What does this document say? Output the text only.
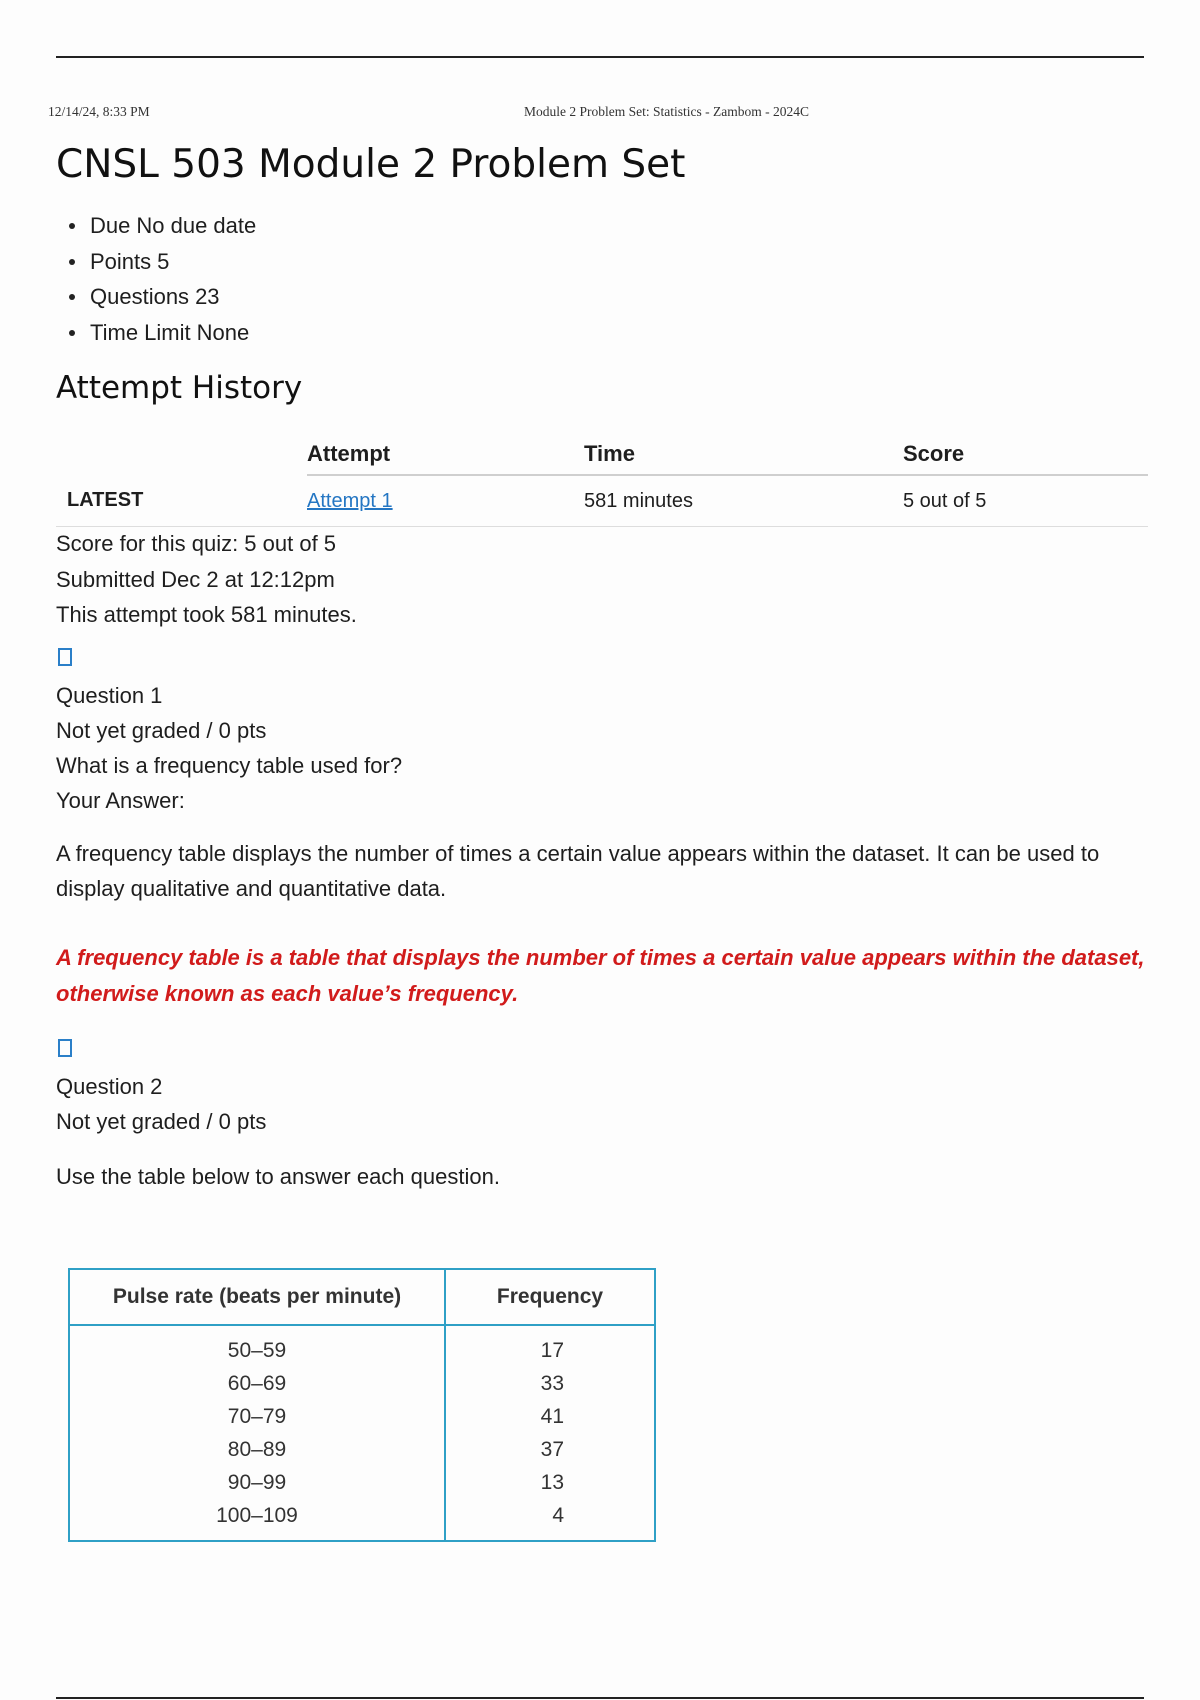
12/14/24, 8:33 PM	Module 2 Problem Set: Statistics - Zambom - 2024C
CNSL 503 Module 2 Problem Set
Due No due date
Points 5
Questions 23
Time Limit None
Attempt History
	Attempt	Time	Score
LATEST	Attempt 1	581 minutes	5 out of 5
Score for this quiz: 5 out of 5
Submitted Dec 2 at 12:12pm
This attempt took 581 minutes.
Question 1
Not yet graded / 0 pts
What is a frequency table used for?
Your Answer:
A frequency table displays the number of times a certain value appears within the dataset. It can be used to display qualitative and quantitative data.
A frequency table is a table that displays the number of times a certain value appears within the dataset, otherwise known as each value’s frequency.
Question 2
Not yet graded / 0 pts
Use the table below to answer each question.
Pulse rate (beats per minute)	Frequency
50–59	17
60–69	33
70–79	41
80–89	37
90–99	13
100–109	4
